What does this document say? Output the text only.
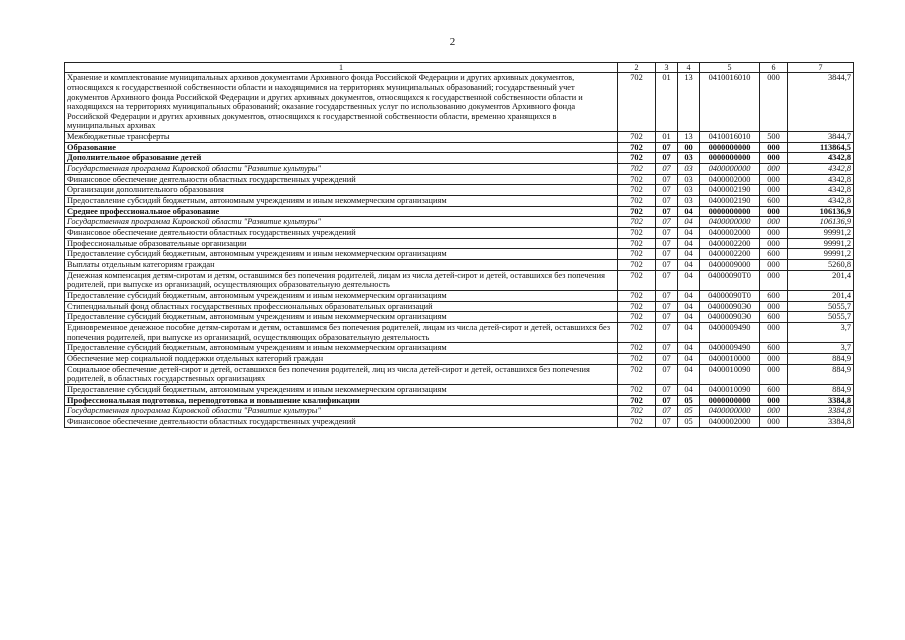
2
1	2	3	4	5	6	7
Хранение и комплектование муниципальных архивов документами Архивного фонда Российской Федерации и других архивных документов, относящихся к государственной собственности области и находящимися на территориях муниципальных образований; государственный учет документов Архивного фонда Российской Федерации и других архивных документов, относящихся к государственной собственности области и находящихся на территориях муниципальных образований; оказание государственных услуг по использованию документов Архивного фонда Российской Федерации и других архивных документов, относящихся к государственной собственности области, временно хранящихся в муниципальных архивах	702	01	13	0410016010	000	3844,7
Межбюджетные трансферты	702	01	13	0410016010	500	3844,7
Образование	702	07	00	0000000000	000	113864,5
Дополнительное образование детей	702	07	03	0000000000	000	4342,8
Государственная программа Кировской области "Развитие культуры"	702	07	03	0400000000	000	4342,8
Финансовое обеспечение деятельности областных государственных учреждений	702	07	03	0400002000	000	4342,8
Организации дополнительного образования	702	07	03	0400002190	000	4342,8
Предоставление субсидий бюджетным, автономным учреждениям и иным некоммерческим организациям	702	07	03	0400002190	600	4342,8
Среднее профессиональное образование	702	07	04	0000000000	000	106136,9
Государственная программа Кировской области "Развитие культуры"	702	07	04	0400000000	000	106136,9
Финансовое обеспечение деятельности областных государственных учреждений	702	07	04	0400002000	000	99991,2
Профессиональные образовательные организации	702	07	04	0400002200	000	99991,2
Предоставление субсидий бюджетным, автономным учреждениям и иным некоммерческим организациям	702	07	04	0400002200	600	99991,2
Выплаты отдельным категориям граждан	702	07	04	0400009000	000	5260,8
Денежная компенсация детям-сиротам и детям, оставшимся без попечения родителей, лицам из числа детей-сирот и детей, оставшихся без попечения родителей, при выпуске из организаций, осуществляющих образовательную деятельность	702	07	04	04000090Т0	000	201,4
Предоставление субсидий бюджетным, автономным учреждениям и иным некоммерческим организациям	702	07	04	04000090Т0	600	201,4
Стипендиальный фонд областных государственных профессиональных образовательных организаций	702	07	04	04000090Э0	000	5055,7
Предоставление субсидий бюджетным, автономным учреждениям и иным некоммерческим организациям	702	07	04	04000090Э0	600	5055,7
Единовременное денежное пособие детям-сиротам и детям, оставшимся без попечения родителей, лицам из числа детей-сирот и детей, оставшихся без попечения родителей, при выпуске из организаций, осуществляющих образовательную деятельность	702	07	04	0400009490	000	3,7
Предоставление субсидий бюджетным, автономным учреждениям и иным некоммерческим организациям	702	07	04	0400009490	600	3,7
Обеспечение мер социальной поддержки отдельных категорий граждан	702	07	04	0400010000	000	884,9
Социальное обеспечение детей-сирот и детей, оставшихся без попечения родителей, лиц из числа детей-сирот и детей, оставшихся без попечения родителей, в областных государственных организациях	702	07	04	0400010090	000	884,9
Предоставление субсидий бюджетным, автономным учреждениям и иным некоммерческим организациям	702	07	04	0400010090	600	884,9
Профессиональная подготовка, переподготовка и повышение квалификации	702	07	05	0000000000	000	3384,8
Государственная программа Кировской области "Развитие культуры"	702	07	05	0400000000	000	3384,8
Финансовое обеспечение деятельности областных государственных учреждений	702	07	05	0400002000	000	3384,8
